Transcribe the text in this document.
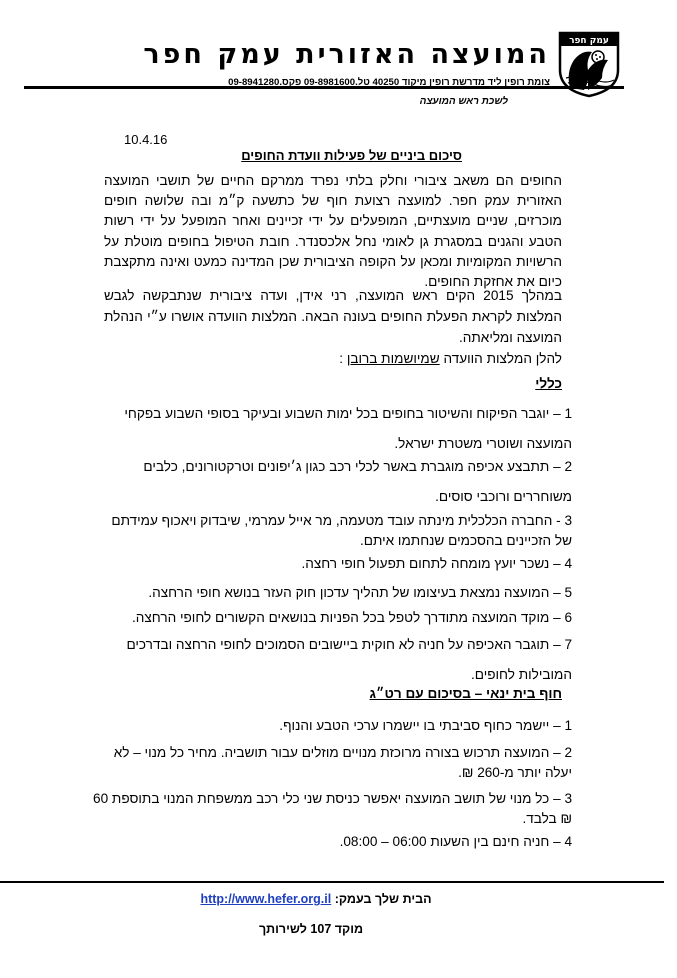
עמק חפר
המועצה האזורית עמק חפר
צומת רופין ליד מדרשת רופין מיקוד 40250 טל.09-8981600 פקס.09-8941280
לשכת ראש המועצה
10.4.16
סיכום ביניים של פעילות וועדת החופים
החופים הם משאב ציבורי וחלק בלתי נפרד ממרקם החיים של תושבי המועצה האזורית עמק חפר. למועצה רצועת חוף של כתשעה ק״מ ובה שלושה חופים מוכרזים, שניים מועצתיים, המופעלים על ידי זכיינים ואחר המופעל על ידי רשות הטבע והגנים במסגרת גן לאומי נחל אלכסנדר. חובת הטיפול בחופים מוטלת על הרשויות המקומיות ומכאן על הקופה הציבורית שכן המדינה כמעט ואינה מתקצבת כיום את אחזקת החופים.
במהלך 2015 הקים ראש המועצה, רני אידן, ועדה ציבורית שנתבקשה לגבש המלצות לקראת הפעלת החופים בעונה הבאה. המלצות הוועדה אושרו ע״י הנהלת המועצה ומליאתה.
להלן המלצות הוועדה שמיושמות ברובן :
כללי
1 – יוגבר הפיקוח והשיטור בחופים בכל ימות השבוע ובעיקר בסופי השבוע בפקחי המועצה ושוטרי משטרת ישראל.
2 – תתבצע אכיפה מוגברת באשר לכלי רכב כגון ג׳יפונים וטרקטורונים, כלבים משוחררים ורוכבי סוסים.
3 - החברה הכלכלית מינתה עובד מטעמה, מר אייל עמרמי, שיבדוק ויאכוף עמידתם של הזכיינים בהסכמים שנחתמו איתם.
4 – נשכר יועץ מומחה לתחום תפעול חופי רחצה.
5 – המועצה נמצאת בעיצומו של תהליך עדכון חוק העזר בנושא חופי הרחצה.
6 – מוקד המועצה מתודרך לטפל בכל הפניות בנושאים הקשורים לחופי הרחצה.
7 – תוגבר האכיפה על חניה לא חוקית ביישובים הסמוכים לחופי הרחצה ובדרכים המובילות לחופים.
חוף בית ינאי – בסיכום עם רט״ג
1 – יישמר כחוף סביבתי בו יישמרו ערכי הטבע והנוף.
2 – המועצה תרכוש בצורה מרוכזת מנויים מוזלים עבור תושביה. מחיר כל מנוי – לא יעלה יותר מ-260 ₪.
3 – כל מנוי של תושב המועצה יאפשר כניסת שני כלי רכב ממשפחת המנוי בתוספת 60 ₪ בלבד.
4 – חניה חינם בין השעות 06:00 – 08:00.
הבית שלך בעמק: http://www.hefer.org.il
מוקד 107 לשירותך
